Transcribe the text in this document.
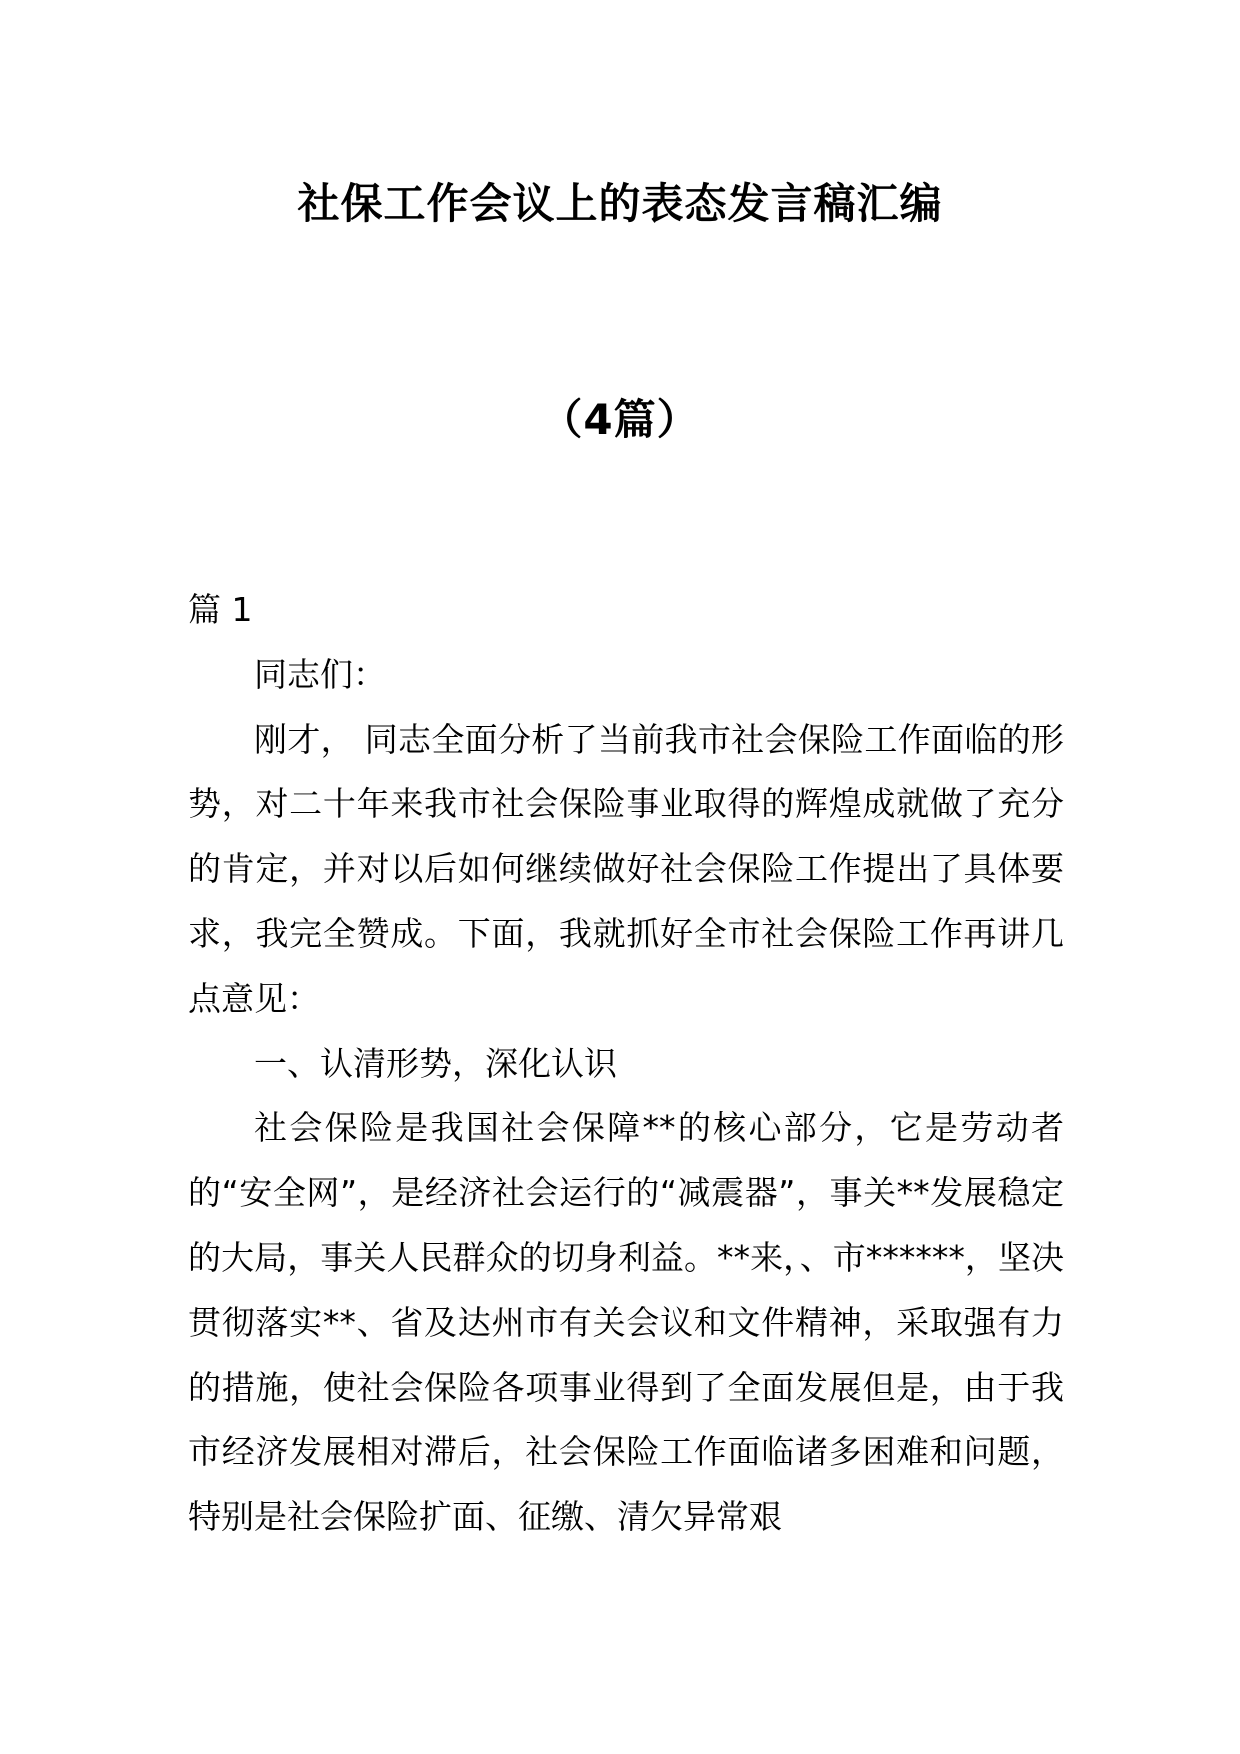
社保工作会议上的表态发言稿汇编
（4篇）

篇 1

同志们：

刚才， 同志全面分析了当前我市社会保险工作面临的形势，对二十年来我市社会保险事业取得的辉煌成就做了充分的肯定，并对以后如何继续做好社会保险工作提出了具体要求，我完全赞成。下面，我就抓好全市社会保险工作再讲几点意见：

一、认清形势，深化认识

社会保险是我国社会保障**的核心部分，它是劳动者的“安全网”，是经济社会运行的“减震器”，事关**发展稳定的大局，事关人民群众的切身利益。**来，、市******，坚决贯彻落实**、省及达州市有关会议和文件精神，采取强有力的措施，使社会保险各项事业得到了全面发展但是，由于我市经济发展相对滞后，社会保险工作面临诸多困难和问题，特别是社会保险扩面、征缴、清欠异常艰
